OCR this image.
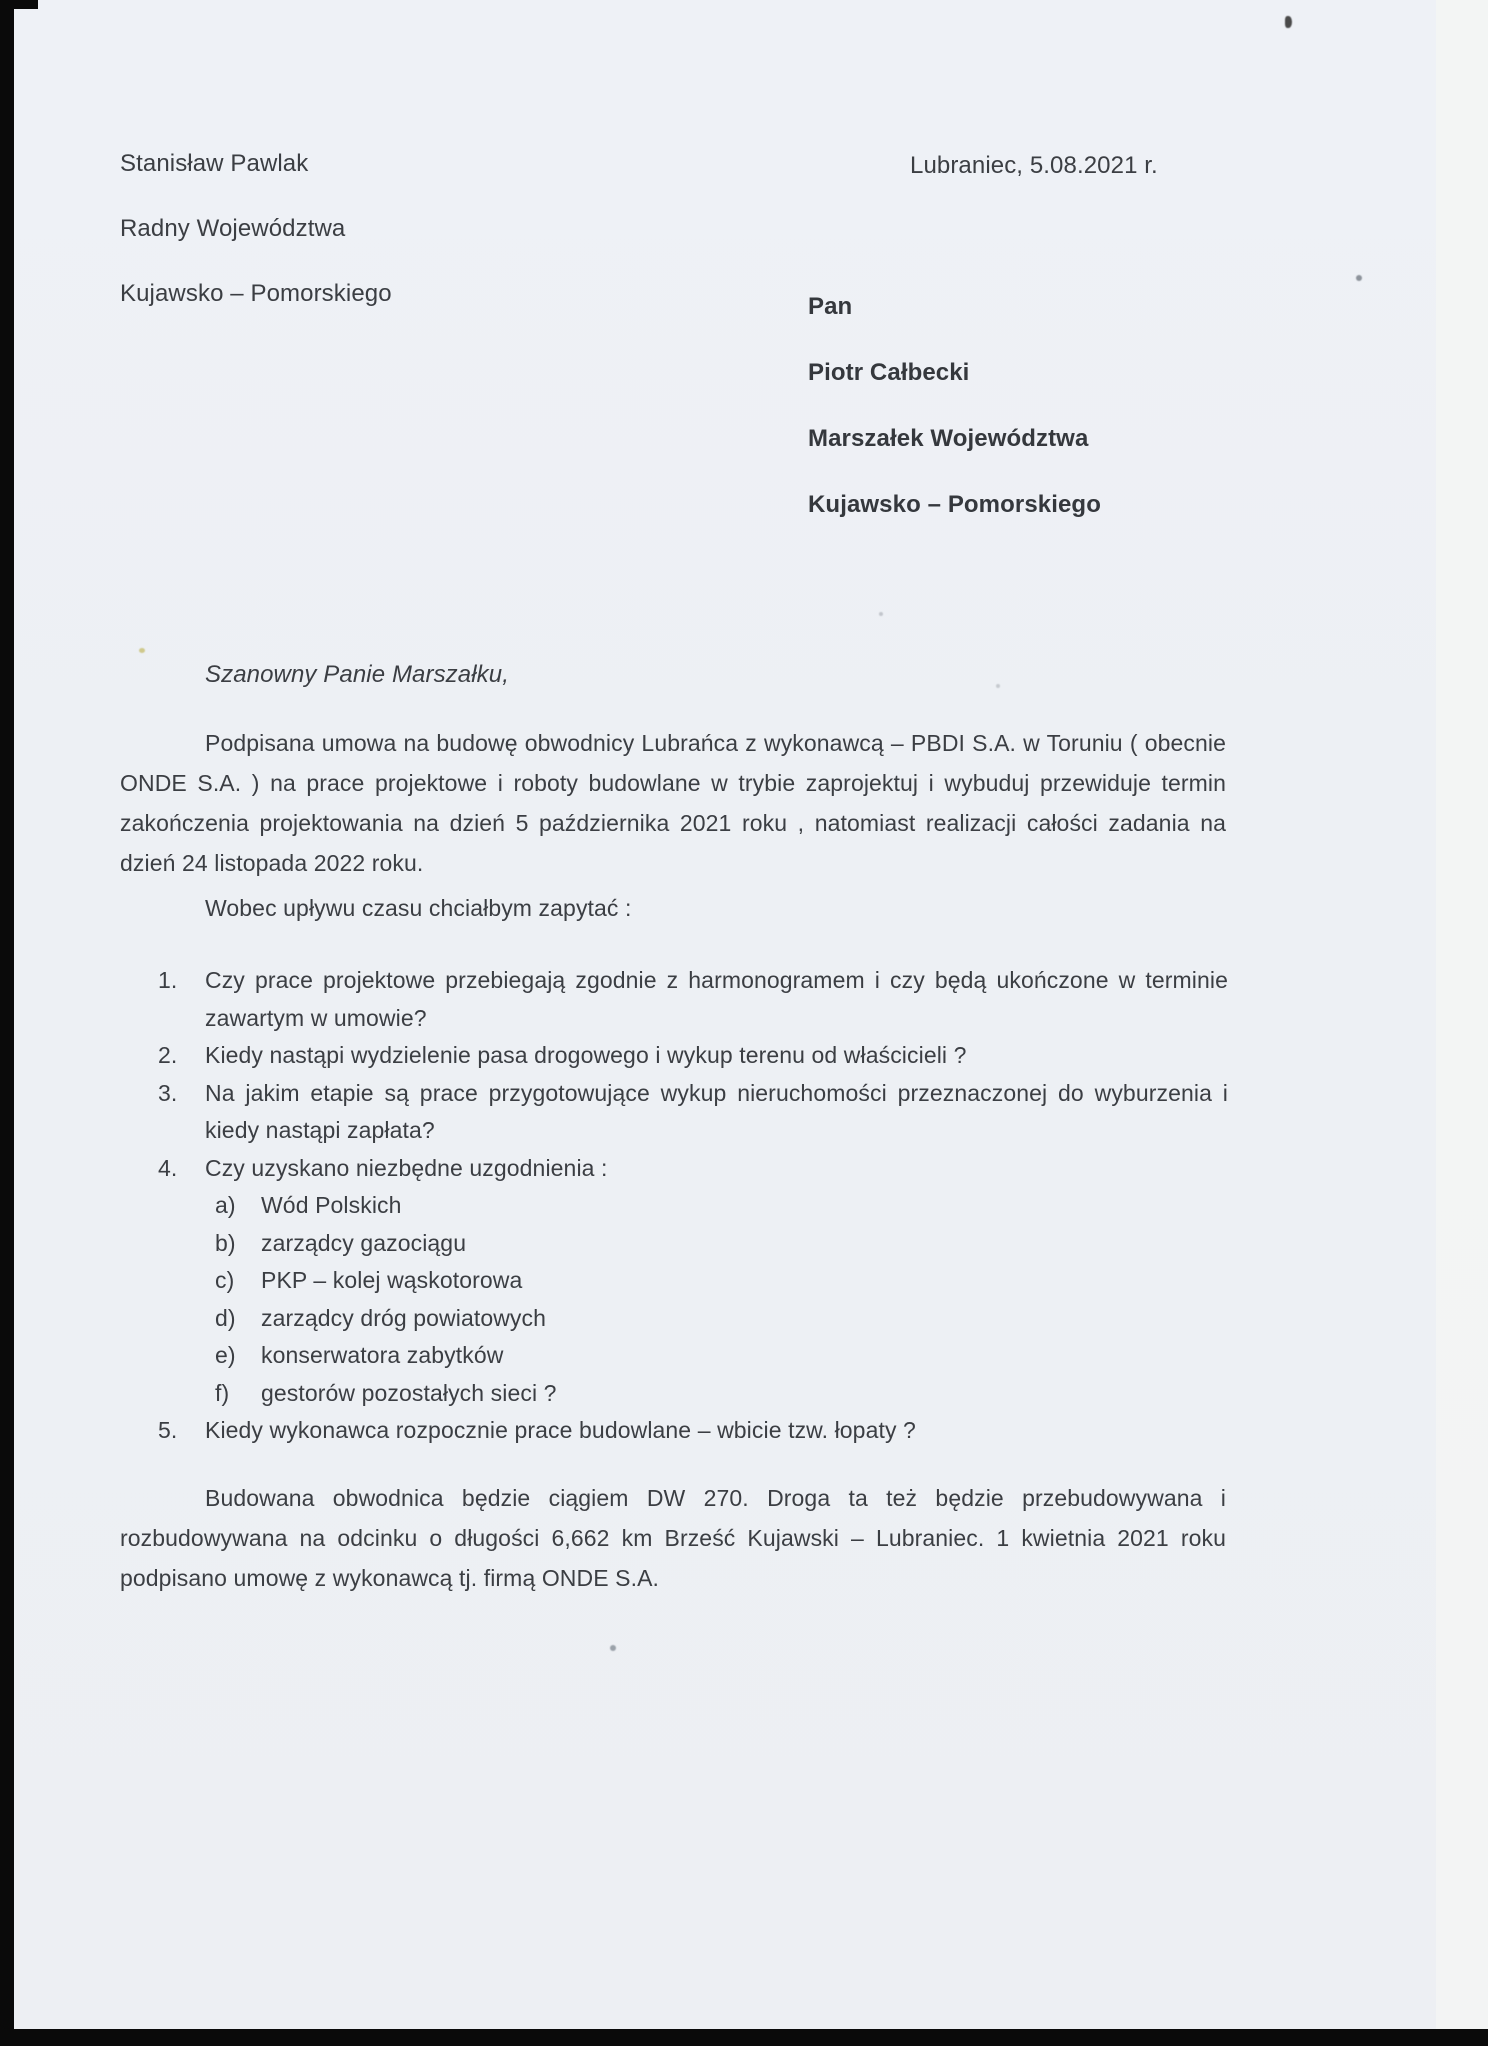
Stanisław Pawlak
Radny Województwa
Kujawsko – Pomorskiego
Lubraniec, 5.08.2021 r.
Pan
Piotr Całbecki
Marszałek Województwa
Kujawsko – Pomorskiego
Szanowny Panie Marszałku,
Podpisana umowa na budowę obwodnicy Lubrańca z wykonawcą – PBDI S.A. w Toruniu ( obecnie ONDE S.A. ) na prace projektowe i roboty budowlane w trybie zaprojektuj i wybuduj przewiduje termin zakończenia projektowania na dzień 5 października 2021 roku , natomiast realizacji całości zadania na dzień 24 listopada 2022 roku.
Wobec upływu czasu chciałbym zapytać :
1.	Czy prace projektowe przebiegają zgodnie z harmonogramem i czy będą ukończone w terminie zawartym w umowie?
2.	Kiedy nastąpi wydzielenie pasa drogowego i wykup terenu od właścicieli ?
3.	Na jakim etapie są prace przygotowujące wykup nieruchomości przeznaczonej do wyburzenia i kiedy nastąpi zapłata?
4.	Czy uzyskano niezbędne uzgodnienia :
a)	Wód Polskich
b)	zarządcy gazociągu
c)	PKP – kolej wąskotorowa
d)	zarządcy dróg powiatowych
e)	konserwatora zabytków
f)	gestorów pozostałych sieci ?
5.	Kiedy wykonawca rozpocznie prace budowlane – wbicie tzw. łopaty ?
Budowana obwodnica będzie ciągiem DW 270. Droga ta też będzie przebudowywana i rozbudowywana na odcinku o długości 6,662 km Brześć Kujawski – Lubraniec. 1 kwietnia 2021 roku podpisano umowę z wykonawcą tj. firmą ONDE S.A.
